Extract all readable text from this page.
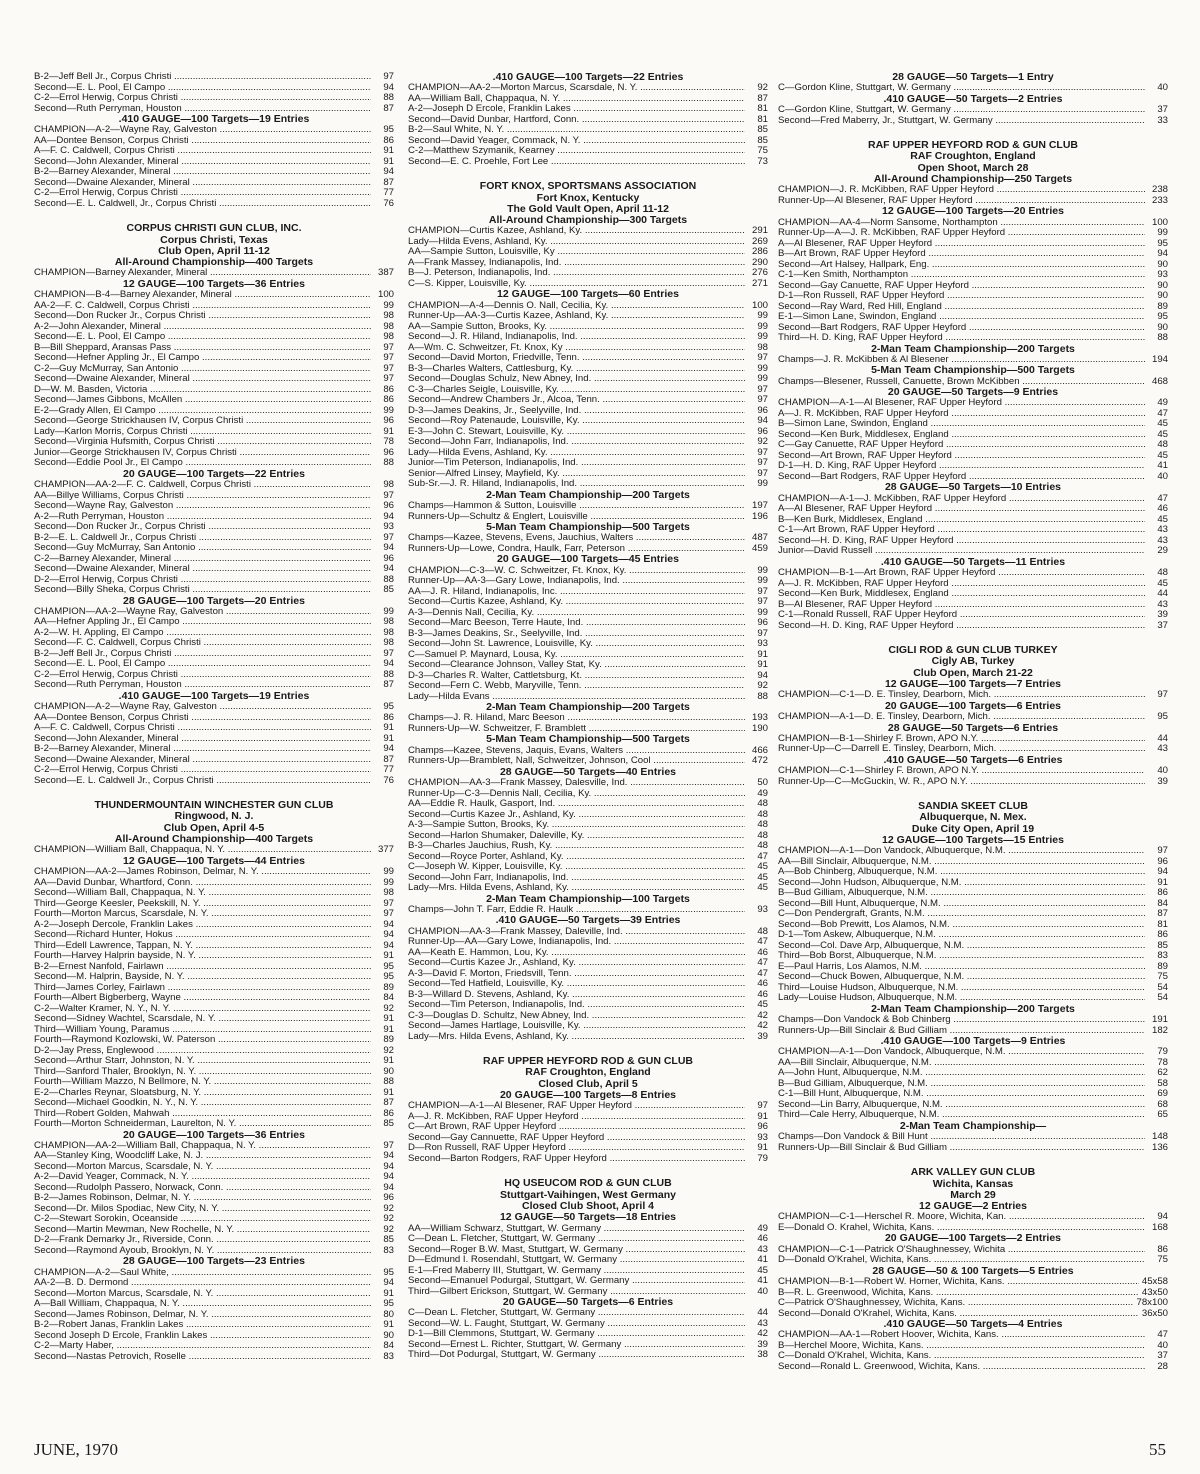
B-2—Jeff Bell Jr., Corpus Christi .....	97
Second—E. L. Pool, El Campo .....	94
C-2—Errol Herwig, Corpus Christi .....	88
Second—Ruth Perryman, Houston .....	87
.410 GAUGE—100 Targets—19 Entries
CHAMPION—A-2—Wayne Ray, Galveston .....	95
AA—Dontee Benson, Corpus Christi .....	86
A—F. C. Caldwell, Corpus Christi .....	91
Second—John Alexander, Mineral .....	91
B-2—Barney Alexander, Mineral .....	94
Second—Dwaine Alexander, Mineral .....	87
C-2—Errol Herwig, Corpus Christi .....	77
Second—E. L. Caldwell, Jr., Corpus Christi .....	76
CORPUS CHRISTI GUN CLUB, INC.
Corpus Christi, Texas
Club Open, April 11-12
All-Around Championship—400 Targets
CHAMPION—Barney Alexander, Mineral .....	387
12 GAUGE—100 Targets—36 Entries
CHAMPION—B-4—Barney Alexander, Mineral .....	100
AA-2—F. C. Caldwell, Corpus Christi .....	99
Second—Don Rucker Jr., Corpus Christi .....	98
A-2—John Alexander, Mineral .....	98
Second—E. L. Pool, El Campo .....	98
B—Bill Sheppard, Aransas Pass .....	97
Second—Hefner Appling Jr., El Campo .....	97
C-2—Guy McMurray, San Antonio .....	97
Second—Dwaine Alexander, Mineral .....	97
D—W. M. Basden, Victoria .....	86
Second—James Gibbons, McAllen .....	86
E-2—Grady Allen, El Campo .....	99
Second—George Strickhausen IV, Corpus Christi .....	96
Lady—Karlon Morris, Corpus Christi .....	91
Second—Virginia Hufsmith, Corpus Christi .....	78
Junior—George Strickhausen IV, Corpus Christi .....	96
Second—Eddie Pool Jr., El Campo .....	88
20 GAUGE—100 Targets—22 Entries
CHAMPION—AA-2—F. C. Caldwell, Corpus Christi .....	98
AA—Billye Williams, Corpus Christi .....	97
Second—Wayne Ray, Galveston .....	96
A-2—Ruth Perryman, Houston .....	94
Second—Don Rucker Jr., Corpus Christi .....	93
B-2—E. L. Caldwell Jr., Corpus Christi .....	97
Second—Guy McMurray, San Antonio .....	94
C-2—Barney Alexander, Mineral .....	96
Second—Dwaine Alexander, Mineral .....	94
D-2—Errol Herwig, Corpus Christi .....	88
Second—Billy Sheka, Corpus Christi .....	85
28 GAUGE—100 Targets—20 Entries
CHAMPION—AA-2—Wayne Ray, Galveston .....	99
AA—Hefner Appling Jr., El Campo .....	98
A-2—W. H. Appling, El Campo .....	98
Second—F. C. Caldwell, Corpus Christi .....	98
B-2—Jeff Bell Jr., Corpus Christi .....	97
Second—E. L. Pool, El Campo .....	94
C-2—Errol Herwig, Corpus Christi .....	88
Second—Ruth Perryman, Houston .....	87
.410 GAUGE—100 Targets—19 Entries
CHAMPION—A-2—Wayne Ray, Galveston .....	95
AA—Dontee Benson, Corpus Christi .....	86
A—F. C. Caldwell, Corpus Christi .....	91
Second—John Alexander, Mineral .....	91
B-2—Barney Alexander, Mineral .....	94
Second—Dwaine Alexander, Mineral .....	87
C-2—Errol Herwig, Corpus Christi .....	77
Second—E. L. Caldwell Jr., Corpus Christi .....	76
THUNDERMOUNTAIN WINCHESTER GUN CLUB
Ringwood, N. J.
Club Open, April 4-5
All-Around Championship—400 Targets
CHAMPION—William Ball, Chappaqua, N. Y. .....	377
12 GAUGE—100 Targets—44 Entries
CHAMPION—AA-2—James Robinson, Delmar, N. Y. .....	99
AA—David Dunbar, Whartford, Conn. .....	99
Second—William Ball, Chappaqua, N. Y. .....	98
Third—George Keesler, Peekskill, N. Y. .....	97
Fourth—Morton Marcus, Scarsdale, N. Y. .....	97
A-2—Joseph Dercole, Franklin Lakes .....	94
Second—Richard Hunter, Hokus .....	94
Third—Edell Lawrence, Tappan, N. Y. .....	94
Fourth—Harvey Halprin bayside, N. Y. .....	91
B-2—Ernest Nanfold, Fairlawn .....	95
Second—M. Halprin, Bayside, N. Y. .....	95
Third—James Corley, Fairlawn .....	89
Fourth—Albert Bigberberg, Wayne .....	84
C-2—Walter Kramer, N. Y., N. Y. .....	92
Second—Sidney Wachtel, Scarsdale, N. Y. .....	91
Third—William Young, Paramus .....	91
Fourth—Raymond Kozlowski, W. Paterson .....	89
D-2—Jay Press, Englewood .....	92
Second—Arthur Starr, Johnston, N. Y. .....	91
Third—Sanford Thaler, Brooklyn, N. Y. .....	90
Fourth—William Mazzo, N Bellmore, N. Y. .....	88
E-2—Charles Reynar, Sloatsburg, N. Y. .....	91
Second—Michael Goodkin, N. Y., N. Y. .....	87
Third—Robert Golden, Mahwah .....	86
Fourth—Morton Schneiderman, Laurelton, N. Y. .....	85
20 GAUGE—100 Targets—36 Entries
CHAMPION—AA-2—William Ball, Chappaqua, N. Y. .....	97
AA—Stanley King, Woodcliff Lake, N. J. .....	94
Second—Morton Marcus, Scarsdale, N. Y. .....	94
A-2—David Yeager, Commack, N. Y. .....	94
Second—Rudolph Passero, Norwack, Conn. .....	94
B-2—James Robinson, Delmar, N. Y. .....	96
Second—Dr. Milos Spodiac, New City, N. Y. .....	92
C-2—Stewart Sorokin, Oceanside .....	92
Second—Martin Mewman, New Rochelle, N. Y. .....	92
D-2—Frank Demarky Jr., Riverside, Conn. .....	85
Second—Raymond Ayoub, Brooklyn, N. Y. .....	83
28 GAUGE—100 Targets—23 Entries
CHAMPION—A-2—Saul White, .....	95
AA-2—B. D. Dermond .....	94
Second—Morton Marcus, Scarsdale, N. Y. .....	91
A—Ball William, Chappaqua, N. Y. .....	95
Second—James Robinson, Delmar, N. Y. .....	80
B-2—Robert Janas, Franklin Lakes .....	91
Second Joseph D Ercole, Franklin Lakes .....	90
C-2—Marty Haber, .....	84
Second—Nastas Petrovich, Roselle .....	83
.410 GAUGE—100 Targets—22 Entries
CHAMPION—AA-2—Morton Marcus, Scarsdale, N. Y. .....	92
AA—William Ball, Chappaqua, N. Y. .....	87
A-2—Joseph D Ercole, Franklin Lakes .....	81
Second—David Dunbar, Hartford, Conn. .....	81
B-2—Saul White, N. Y. .....	85
Second—David Yeager, Commack, N. Y. .....	85
C-2—Matthew Szymanik, Kearney .....	75
Second—E. C. Proehle, Fort Lee .....	73
FORT KNOX, SPORTSMANS ASSOCIATION
Fort Knox, Kentucky
The Gold Vault Open, April 11-12
All-Around Championship—300 Targets
CHAMPION—Curtis Kazee, Ashland, Ky. .....	291
Lady—Hilda Evens, Ashland, Ky. .....	269
AA—Sampie Sutton, Louisville, Ky .....	286
A—Frank Massey, Indianapolis, Ind. .....	290
B—J. Peterson, Indianapolis, Ind. .....	276
C—S. Kipper, Louisville, Ky. .....	271
12 GAUGE—100 Targets—60 Entries
CHAMPION—A-4—Dennis O. Nall, Cecilia, Ky. .....	100
Runner-Up—AA-3—Curtis Kazee, Ashland, Ky. .....	99
AA—Sampie Sutton, Brooks, Ky. .....	99
Second—J. R. Hiland, Indianapolis, Ind. .....	99
A—Wm. C. Schweitzer, Ft. Knox, Ky .....	98
Second—David Morton, Friedville, Tenn. .....	97
B-3—Charles Walters, Cattlesburg, Ky. .....	99
Second—Douglas Schulz, New Abney, Ind. .....	99
C-3—Charles Seigle, Louisville, Ky. .....	97
Second—Andrew Chambers Jr., Alcoa, Tenn. .....	97
D-3—James Deakins, Jr., Seelyville, Ind. .....	96
Second—Roy Patenaude, Louisville, Ky. .....	94
E-3—John C. Stewart, Louisville, Ky. .....	96
Second—John Farr, Indianapolis, Ind. .....	92
Lady—Hilda Evens, Ashland, Ky. .....	97
Junior—Tim Peterson, Indianapolis, Ind. .....	97
Senior—Alfred Linsey, Mayfield, Ky. .....	97
Sub-Sr.—J. R. Hiland, Indianapolis, Ind. .....	99
2-Man Team Championship—200 Targets
Champs—Hammon & Sutton, Louisville .....	197
Runners-Up—Schultz & Englert, Louisville .....	196
5-Man Team Championship—500 Targets
Champs—Kazee, Stevens, Evens, Jauchius, Walters .....	487
Runners-Up—Lowe, Condra, Haulk, Farr, Peterson .....	459
20 GAUGE—100 Targets—45 Entries
CHAMPION—C-3—W. C. Schweitzer, Ft. Knox, Ky. .....	99
Runner-Up—AA-3—Gary Lowe, Indianapolis, Ind. .....	99
AA—J. R. Hiland, Indianapolis, Inc. .....	97
Second—Curtis Kazee, Ashland, Ky. .....	97
A-3—Dennis Nall, Cecilia, Ky. .....	99
Second—Marc Beeson, Terre Haute, Ind. .....	96
B-3—James Deakins, Sr., Seelyville, Ind. .....	97
Second—John St. Lawrence, Louisville, Ky. .....	93
C—Samuel P. Maynard, Lousa, Ky. .....	91
Second—Clearance Johnson, Valley Stat, Ky. .....	91
D-3—Charles R. Walter, Cattletsburg, Kt. .....	94
Second—Fern C. Webb, Maryville, Tenn. .....	92
Lady—Hilda Evans .....	88
2-Man Team Championship—200 Targets
Champs—J. R. Hiland, Marc Beeson .....	193
Runners-Up—W. Schweitzer, F. Bramblett .....	190
5-Man Team Championship—500 Targets
Champs—Kazee, Stevens, Jaquis, Evans, Walters .....	466
Runners-Up—Bramblett, Nall, Schweitzer, Johnson, Cool .....	472
28 GAUGE—50 Targets—40 Entries
CHAMPION—AA-3—Frank Massey, Dalesville, Ind. .....	50
Runner-Up—C-3—Dennis Nall, Cecilia, Ky. .....	49
AA—Eddie R. Haulk, Gasport, Ind. .....	48
Second—Curtis Kazee Jr., Ashland, Ky. .....	48
A-3—Sampie Sutton, Brooks, Ky. .....	48
Second—Harlon Shumaker, Daleville, Ky. .....	48
B-3—Charles Jauchius, Rush, Ky. .....	48
Second—Royce Porter, Ashland, Ky. .....	47
C—Joseph W. Kipper, Louisville, Ky. .....	45
Second—John Farr, Indianapolis, Ind. .....	45
Lady—Mrs. Hilda Evens, Ashland, Ky. .....	45
2-Man Team Championship—100 Targets
Champs—John T. Farr, Eddie R. Haulk .....	93
.410 GAUGE—50 Targets—39 Entries
CHAMPION—AA-3—Frank Massey, Daleville, Ind. .....	48
Runner-Up—AA—Gary Lowe, Indianapolis, Ind. .....	47
AA—Keath E. Hammon, Lou, Ky. .....	46
Second—Curtis Kazee Jr., Ashland, Ky. .....	47
A-3—David F. Morton, Friedsvill, Tenn. .....	47
Second—Ted Hatfield, Louisville, Ky. .....	46
B-3—Willard D. Stevens, Ashland, Ky. .....	46
Second—Tim Peterson, Indianapolis, Ind. .....	45
C-3—Douglas D. Schultz, New Abney, Ind. .....	42
Second—James Hartlage, Louisville, Ky. .....	42
Lady—Mrs. Hilda Evens, Ashland, Ky. .....	39
RAF UPPER HEYFORD ROD & GUN CLUB
RAF Croughton, England
Closed Club, April 5
20 GAUGE—100 Targets—8 Entries
CHAMPION—A-1—Al Blesener, RAF Upper Heyford .....	97
A—J. R. McKibben, RAF Upper Heyford .....	91
C—Art Brown, RAF Upper Heyford .....	96
Second—Gay Cannuette, RAF Upper Heyford .....	93
D—Ron Russell, RAF Upper Heyford .....	91
Second—Barton Rodgers, RAF Upper Heyford .....	79
HQ USEUCOM ROD & GUN CLUB
Stuttgart-Vaihingen, West Germany
Closed Club Shoot, April 4
12 GAUGE—50 Targets—18 Entries
AA—William Schwarz, Stuttgart, W. Germany .....	49
C—Dean L. Fletcher, Stuttgart, W. Germany .....	46
Second—Roger B.W. Mast, Stuttgart, W. Germany .....	43
D—Edmund I. Rosendahl, Stuttgart, W. Germany .....	41
E-1—Fred Maberry III, Stuttgart, W. Germany .....	45
Second—Emanuel Podurgal, Stuttgart, W. Germany .....	41
Third—Gilbert Erickson, Stuttgart, W. Germany .....	40
20 GAUGE—50 Targets—6 Entries
C—Dean L. Fletcher, Stuttgart, W. Germany .....	44
Second—W. L. Faught, Stuttgart, W. Germany .....	43
D-1—Bill Clemmons, Stuttgart, W. Germany .....	42
Second—Ernest L. Richter, Stuttgart, W. Germany .....	39
Third—Dot Podurgal, Stuttgart, W. Germany .....	38
28 GAUGE—50 Targets—1 Entry
C—Gordon Kline, Stuttgart, W. Germany .....	40
.410 GAUGE—50 Targets—2 Entries
C—Gordon Kline, Stuttgart, W. Germany .....	37
Second—Fred Maberry, Jr., Stuttgart, W. Germany .....	33
RAF UPPER HEYFORD ROD & GUN CLUB
RAF Croughton, England
Open Shoot, March 28
All-Around Championship—250 Targets
CHAMPION—J. R. McKibben, RAF Upper Heyford .....	238
Runner-Up—Al Blesener, RAF Upper Heyford .....	233
12 GAUGE—100 Targets—20 Entries
CHAMPION—AA-4—Norm Sansome, Northampton .....	100
Runner-Up—A—J. R. McKibben, RAF Upper Heyford .....	99
A—Al Blesener, RAF Upper Heyford .....	95
B—Art Brown, RAF Upper Heyford .....	94
Second—Art Halsey, Hallpark, Eng. .....	90
C-1—Ken Smith, Northampton .....	93
Second—Gay Canuette, RAF Upper Heyford .....	90
D-1—Ron Russell, RAF Upper Heyford .....	90
Second—Ray Ward, Red Hill, England .....	89
E-1—Simon Lane, Swindon, England .....	95
Second—Bart Rodgers, RAF Upper Heyford .....	90
Third—H. D. King, RAF Upper Heyford .....	88
2-Man Team Championship—200 Targets
Champs—J. R. McKibben & Al Blesener .....	194
5-Man Team Championship—500 Targets
Champs—Blesener, Russell, Canuette, Brown McKibben .....	468
20 GAUGE—50 Targets—9 Entries
CHAMPION—A-1—Al Blesener, RAF Upper Heyford .....	49
A—J. R. McKibben, RAF Upper Heyford .....	47
B—Simon Lane, Swindon, England .....	45
Second—Ken Burk, Middlesex, England .....	45
C—Gay Canuette, RAF Upper Heyford .....	48
Second—Art Brown, RAF Upper Heyford .....	45
D-1—H. D. King, RAF Upper Heyford .....	41
Second—Bart Rodgers, RAF Upper Heyford .....	40
28 GAUGE—50 Targets—10 Entries
CHAMPION—A-1—J. McKibben, RAF Upper Heyford .....	47
A—Al Blesener, RAF Upper Heyford .....	46
B—Ken Burk, Middlesex, England .....	45
C-1—Art Brown, RAF Upper Heyford .....	43
Second—H. D. King, RAF Upper Heyford .....	43
Junior—David Russell .....	29
.410 GAUGE—50 Targets—11 Entries
CHAMPION—B-1—Art Brown, RAF Upper Heyford .....	48
A—J. R. McKibben, RAF Upper Heyford .....	45
Second—Ken Burk, Middlesex, England .....	44
B—Al Blesener, RAF Upper Heyford .....	43
C-1—Ronald Russell, RAF Upper Heyford .....	39
Second—H. D. King, RAF Upper Heyford .....	37
CIGLI ROD & GUN CLUB TURKEY
Cigly AB, Turkey
Club Open, March 21-22
12 GAUGE—100 Targets—7 Entries
CHAMPION—C-1—D. E. Tinsley, Dearborn, Mich. .....	97
20 GAUGE—100 Targets—6 Entries
CHAMPION—A-1—D. E. Tinsley, Dearborn, Mich. .....	95
28 GAUGE—50 Targets—6 Entries
CHAMPION—B-1—Shirley F. Brown, APO N.Y. .....	44
Runner-Up—C—Darrell E. Tinsley, Dearborn, Mich. .....	43
.410 GAUGE—50 Targets—6 Entries
CHAMPION—C-1—Shirley F. Brown, APO N.Y. .....	40
Runner-Up—C—McGuckin, W. R., APO N.Y. .....	39
SANDIA SKEET CLUB
Albuquerque, N. Mex.
Duke City Open, April 19
12 GAUGE—100 Targets—15 Entries
CHAMPION—A-1—Don Vandock, Albuquerque, N.M. .....	97
AA—Bill Sinclair, Albuquerque, N.M. .....	96
A—Bob Chinberg, Albuquerque, N.M. .....	94
Second—John Hudson, Albuquerque, N.M. .....	91
B—Bud Gilliam, Albuquerque, N.M. .....	86
Second—Bill Hunt, Albuquerque, N.M. .....	84
C—Don Pendergraft, Grants, N.M. .....	87
Second—Bob Prewitt, Los Alamos, N.M. .....	81
D-1—Tom Askew, Albuquerque, N.M. .....	86
Second—Col. Dave Arp, Albuquerque, N.M. .....	85
Third—Bob Borst, Albuquerque, N.M. .....	83
E—Paul Harris, Los Alamos, N.M. .....	89
Second—Chuck Bowen, Albuquerque, N.M. .....	75
Third—Louise Hudson, Albuquerque, N.M. .....	54
Lady—Louise Hudson, Albuquerque, N.M. .....	54
2-Man Team Championship—200 Targets
Champs—Don Vandock & Bob Chinberg .....	191
Runners-Up—Bill Sinclair & Bud Gilliam .....	182
.410 GAUGE—100 Targets—9 Entries
CHAMPION—A-1—Don Vandock, Albuquerque, N.M. .....	79
AA—Bill Sinclair, Albuquerque, N.M. .....	78
A—John Hunt, Albuquerque, N.M. .....	62
B—Bud Gilliam, Albuquerque, N.M. .....	58
C-1—Bill Hunt, Albuquerque, N.M. .....	69
Second—Lin Barry, Albuquerque, N.M. .....	68
Third—Cale Herry, Albuquerque, N.M. .....	65
2-Man Team Championship—
Champs—Don Vandock & Bill Hunt .....	148
Runners-Up—Bill Sinclair & Bud Gilliam .....	136
ARK VALLEY GUN CLUB
Wichita, Kansas
March 29
12 GAUGE—2 Entries
CHAMPION—C-1—Herschel R. Moore, Wichita, Kan. .....	94
E—Donald O. Krahel, Wichita, Kans. .....	168
20 GAUGE—100 Targets—2 Entries
CHAMPION—C-1—Patrick O'Shaughnessey, Wichita .....	86
D—Donald O'Krahel, Wichita, Kans. .....	75
28 GAUGE—50 & 100 Targets—5 Entries
CHAMPION—B-1—Robert W. Horner, Wichita, Kans. .....	45x58
B—R. L. Greenwood, Wichita, Kans. .....	43x50
C—Patrick O'Shaughnessey, Wichita, Kans. .....	78x100
Second—Donald O'Krahel, Wichita, Kans. .....	36x50
.410 GAUGE—50 Targets—4 Entries
CHAMPION—AA-1—Robert Hoover, Wichita, Kans. .....	47
B—Herchel Moore, Wichita, Kans. .....	40
C—Donald O'Krahel, Wichita, Kans. .....	37
Second—Ronald L. Greenwood, Wichita, Kans. .....	28
JUNE, 1970	55
